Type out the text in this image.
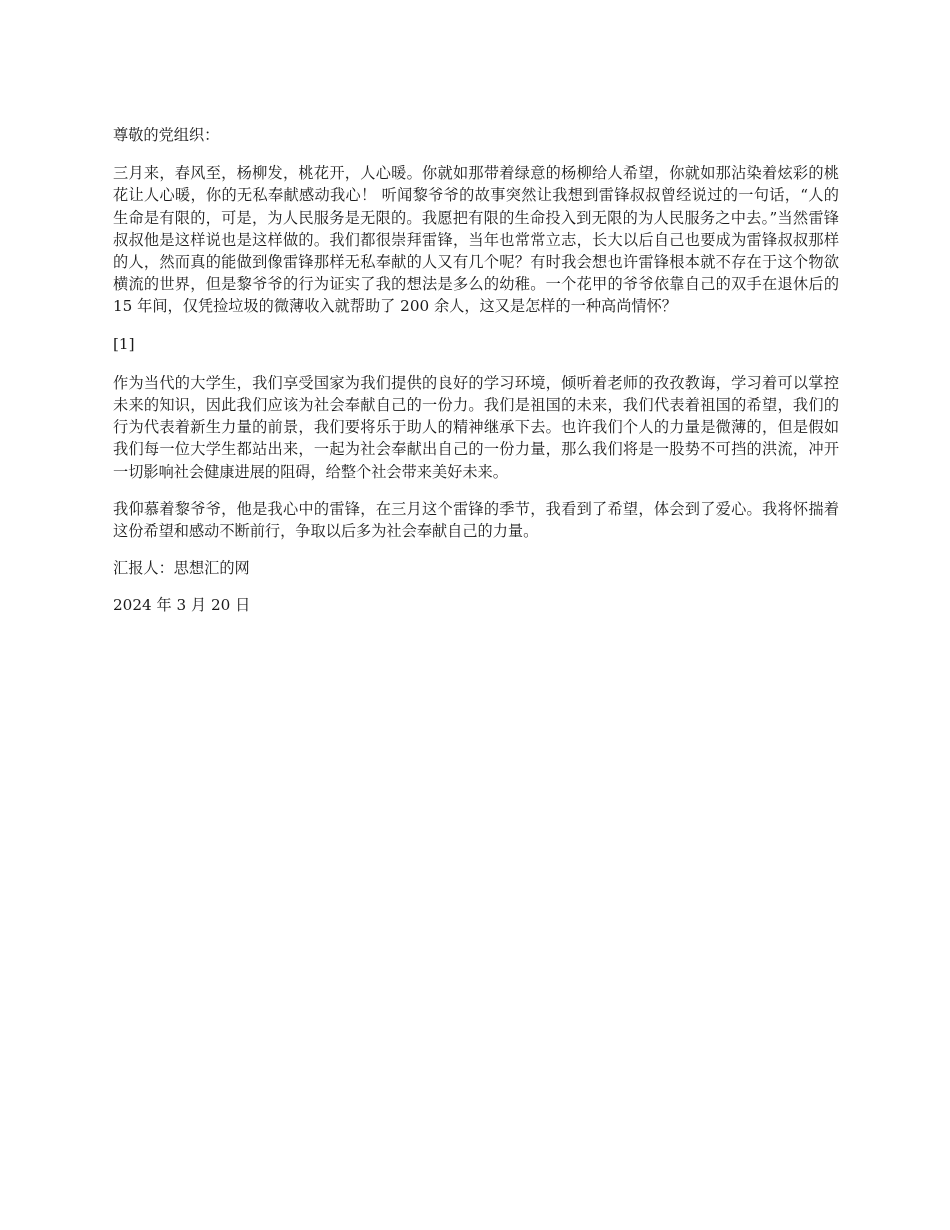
尊敬的党组织：

三月来，春风至，杨柳发，桃花开，人心暖。你就如那带着绿意的杨柳给人希望，你就如那沾染着炫彩的桃花让人心暖，你的无私奉献感动我心！ 听闻黎爷爷的故事突然让我想到雷锋叔叔曾经说过的一句话，“人的生命是有限的，可是，为人民服务是无限的。我愿把有限的生命投入到无限的为人民服务之中去。”当然雷锋叔叔他是这样说也是这样做的。我们都很崇拜雷锋，当年也常常立志，长大以后自己也要成为雷锋叔叔那样的人，然而真的能做到像雷锋那样无私奉献的人又有几个呢？有时我会想也许雷锋根本就不存在于这个物欲横流的世界，但是黎爷爷的行为证实了我的想法是多么的幼稚。一个花甲的爷爷依靠自己的双手在退休后的 15 年间，仅凭捡垃圾的微薄收入就帮助了 200 余人，这又是怎样的一种高尚情怀？

[1]

作为当代的大学生，我们享受国家为我们提供的良好的学习环境，倾听着老师的孜孜教诲，学习着可以掌控未来的知识，因此我们应该为社会奉献自己的一份力。我们是祖国的未来，我们代表着祖国的希望，我们的行为代表着新生力量的前景，我们要将乐于助人的精神继承下去。也许我们个人的力量是微薄的，但是假如我们每一位大学生都站出来，一起为社会奉献出自己的一份力量，那么我们将是一股势不可挡的洪流，冲开一切影响社会健康进展的阻碍，给整个社会带来美好未来。

我仰慕着黎爷爷，他是我心中的雷锋，在三月这个雷锋的季节，我看到了希望，体会到了爱心。我将怀揣着这份希望和感动不断前行，争取以后多为社会奉献自己的力量。

汇报人：思想汇的网

2024 年 3 月 20 日
